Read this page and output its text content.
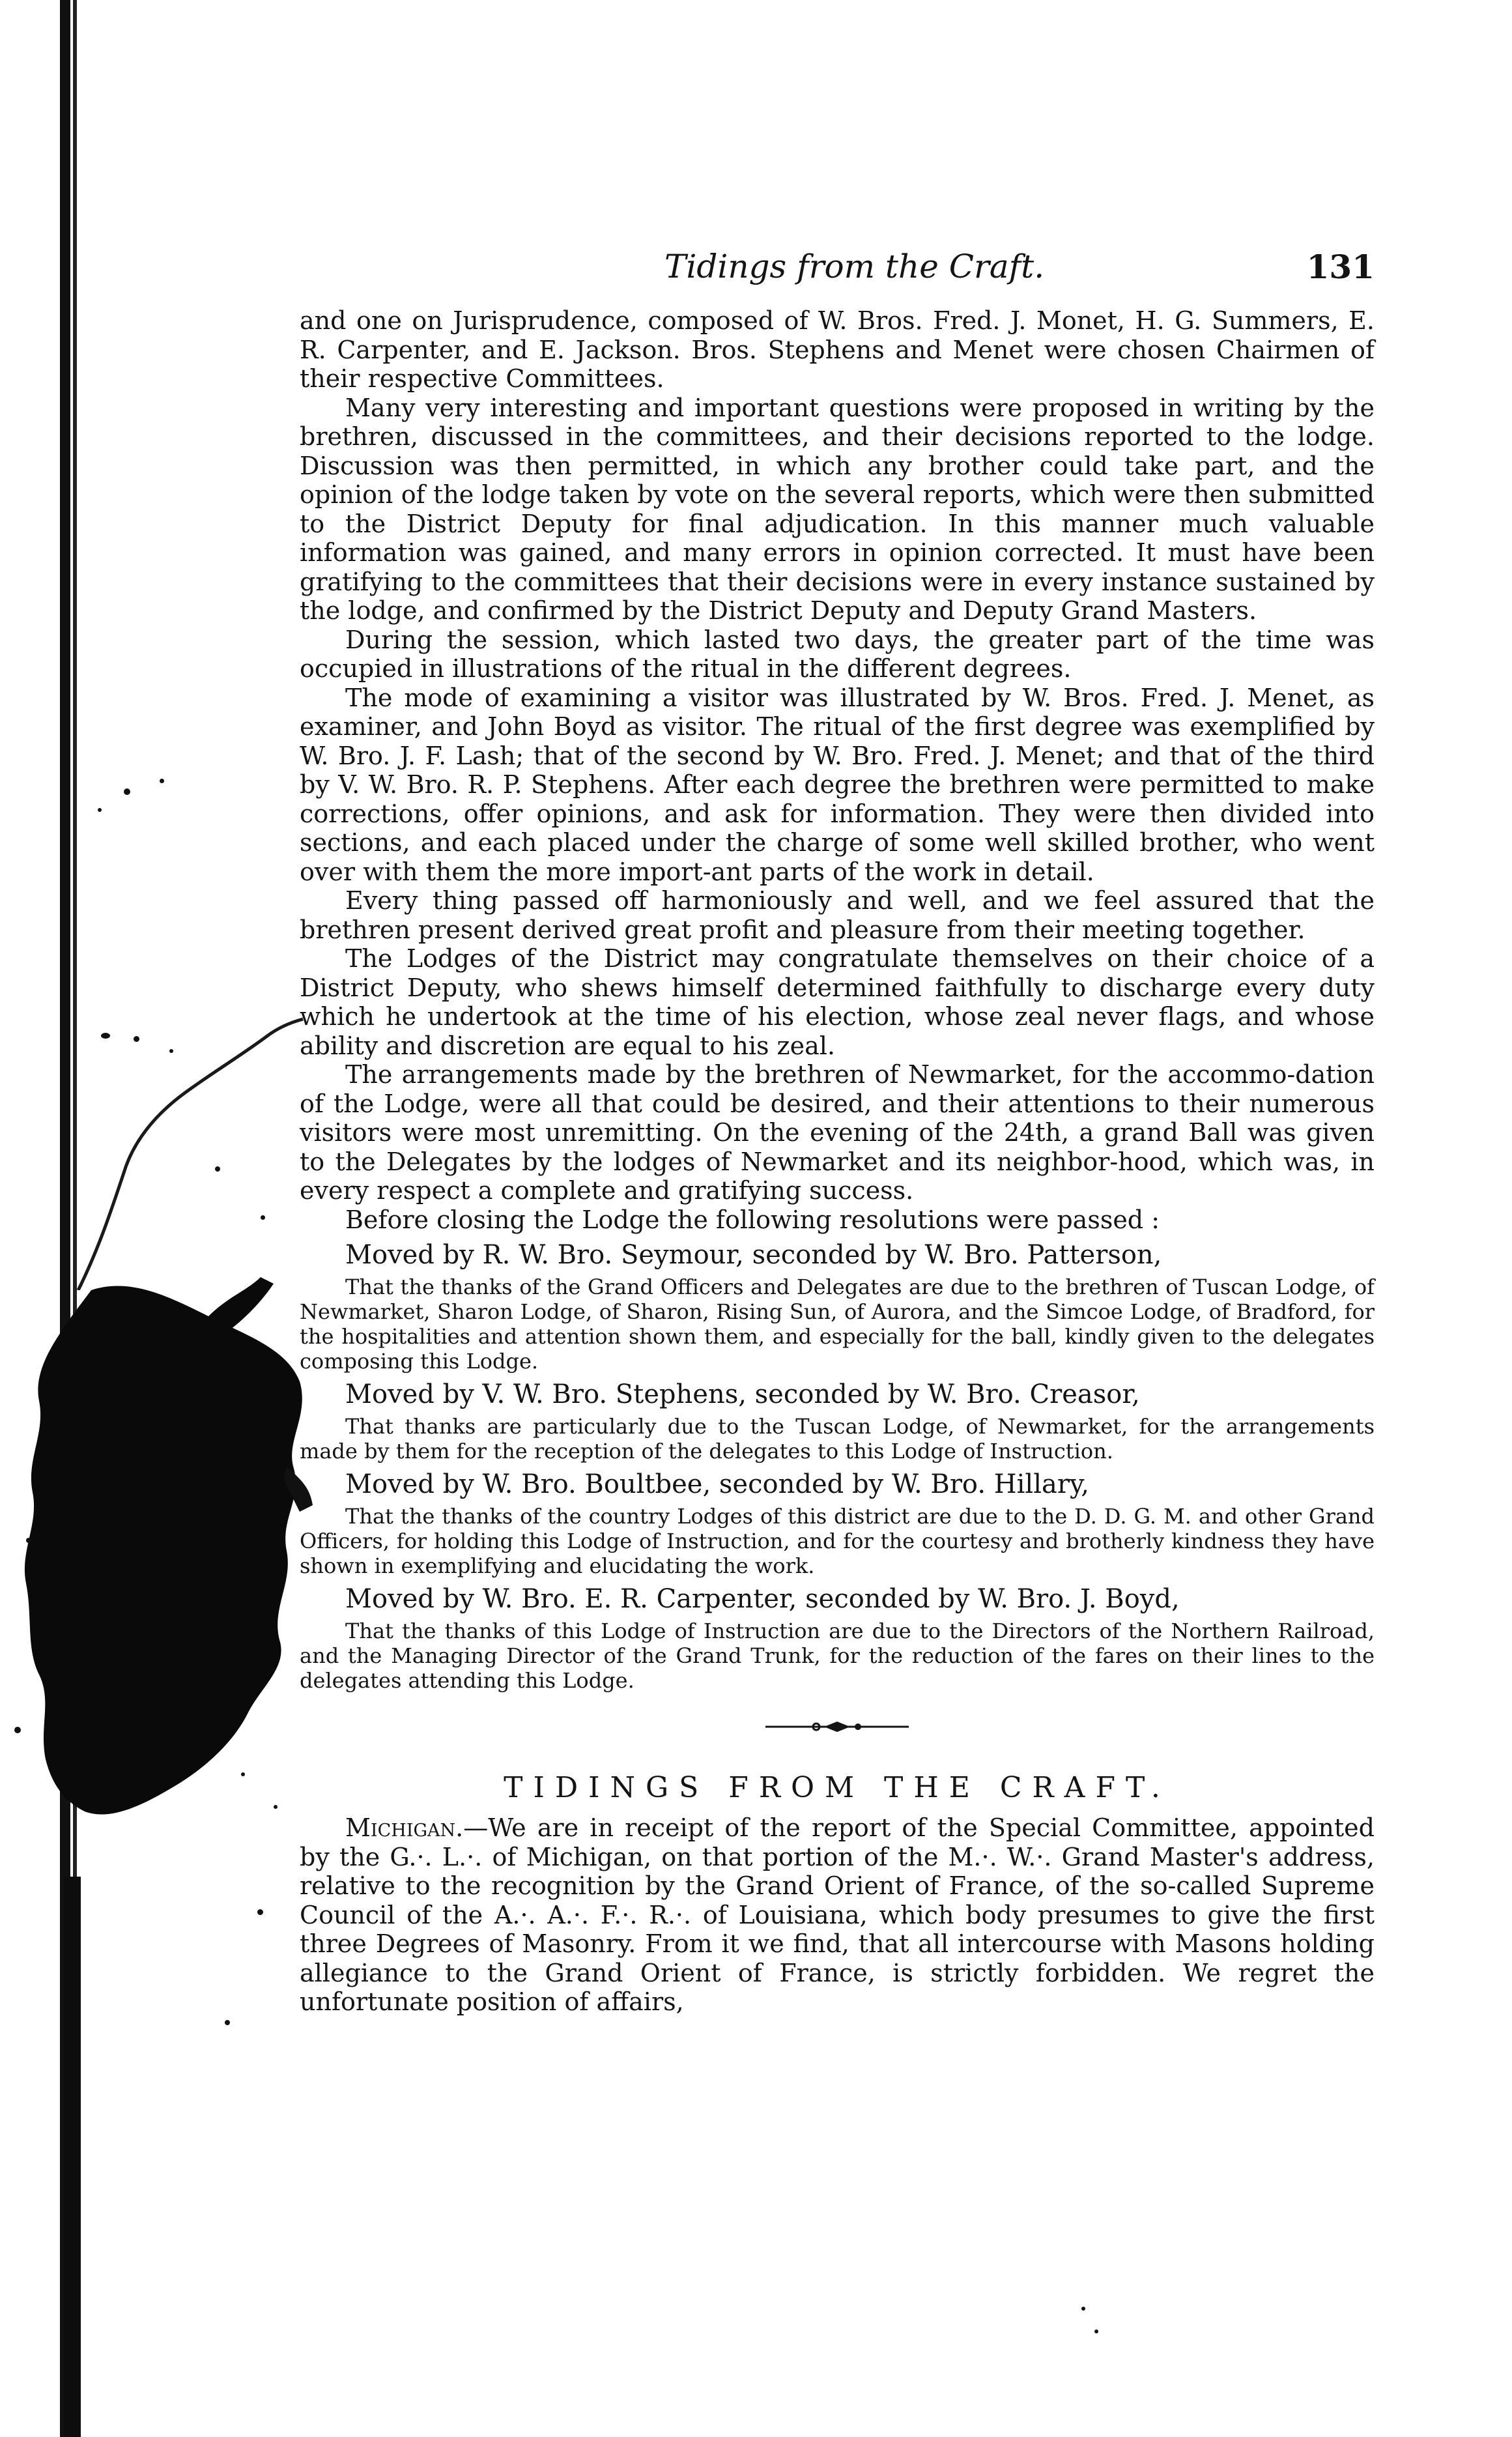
Tidings from the Craft.	131

and one on Jurisprudence, composed of W. Bros. Fred. J. Monet, H. G. Summers, E. R. Carpenter, and E. Jackson. Bros. Stephens and Menet were chosen Chairmen of their respective Committees.

Many very interesting and important questions were proposed in writing by the brethren, discussed in the committees, and their decisions reported to the lodge. Discussion was then permitted, in which any brother could take part, and the opinion of the lodge taken by vote on the several reports, which were then submitted to the District Deputy for final adjudication. In this manner much valuable information was gained, and many errors in opinion corrected. It must have been gratifying to the committees that their decisions were in every instance sustained by the lodge, and confirmed by the District Deputy and Deputy Grand Masters.

During the session, which lasted two days, the greater part of the time was occupied in illustrations of the ritual in the different degrees.

The mode of examining a visitor was illustrated by W. Bros. Fred. J. Menet, as examiner, and John Boyd as visitor. The ritual of the first degree was exemplified by W. Bro. J. F. Lash; that of the second by W. Bro. Fred. J. Menet; and that of the third by V. W. Bro. R. P. Stephens. After each degree the brethren were permitted to make corrections, offer opinions, and ask for information. They were then divided into sections, and each placed under the charge of some well skilled brother, who went over with them the more import-ant parts of the work in detail.

Every thing passed off harmoniously and well, and we feel assured that the brethren present derived great profit and pleasure from their meeting together.

The Lodges of the District may congratulate themselves on their choice of a District Deputy, who shews himself determined faithfully to discharge every duty which he undertook at the time of his election, whose zeal never flags, and whose ability and discretion are equal to his zeal.

The arrangements made by the brethren of Newmarket, for the accommo-dation of the Lodge, were all that could be desired, and their attentions to their numerous visitors were most unremitting. On the evening of the 24th, a grand Ball was given to the Delegates by the lodges of Newmarket and its neighbor-hood, which was, in every respect a complete and gratifying success.

Before closing the Lodge the following resolutions were passed :

Moved by R. W. Bro. Seymour, seconded by W. Bro. Patterson,

That the thanks of the Grand Officers and Delegates are due to the brethren of Tuscan Lodge, of Newmarket, Sharon Lodge, of Sharon, Rising Sun, of Aurora, and the Simcoe Lodge, of Bradford, for the hospitalities and attention shown them, and especially for the ball, kindly given to the delegates composing this Lodge.

Moved by V. W. Bro. Stephens, seconded by W. Bro. Creasor,

That thanks are particularly due to the Tuscan Lodge, of Newmarket, for the arrangements made by them for the reception of the delegates to this Lodge of Instruction.

Moved by W. Bro. Boultbee, seconded by W. Bro. Hillary,

That the thanks of the country Lodges of this district are due to the D. D. G. M. and other Grand Officers, for holding this Lodge of Instruction, and for the courtesy and brotherly kindness they have shown in exemplifying and elucidating the work.

Moved by W. Bro. E. R. Carpenter, seconded by W. Bro. J. Boyd,

That the thanks of this Lodge of Instruction are due to the Directors of the Northern Railroad, and the Managing Director of the Grand Trunk, for the reduction of the fares on their lines to the delegates attending this Lodge.

TIDINGS FROM THE CRAFT.

Michigan.—We are in receipt of the report of the Special Committee, appointed by the G.·. L.·. of Michigan, on that portion of the M.·. W.·. Grand Master's address, relative to the recognition by the Grand Orient of France, of the so-called Supreme Council of the A.·. A.·. F.·. R.·. of Louisiana, which body presumes to give the first three Degrees of Masonry. From it we find, that all intercourse with Masons holding allegiance to the Grand Orient of France, is strictly forbidden. We regret the unfortunate position of affairs,
